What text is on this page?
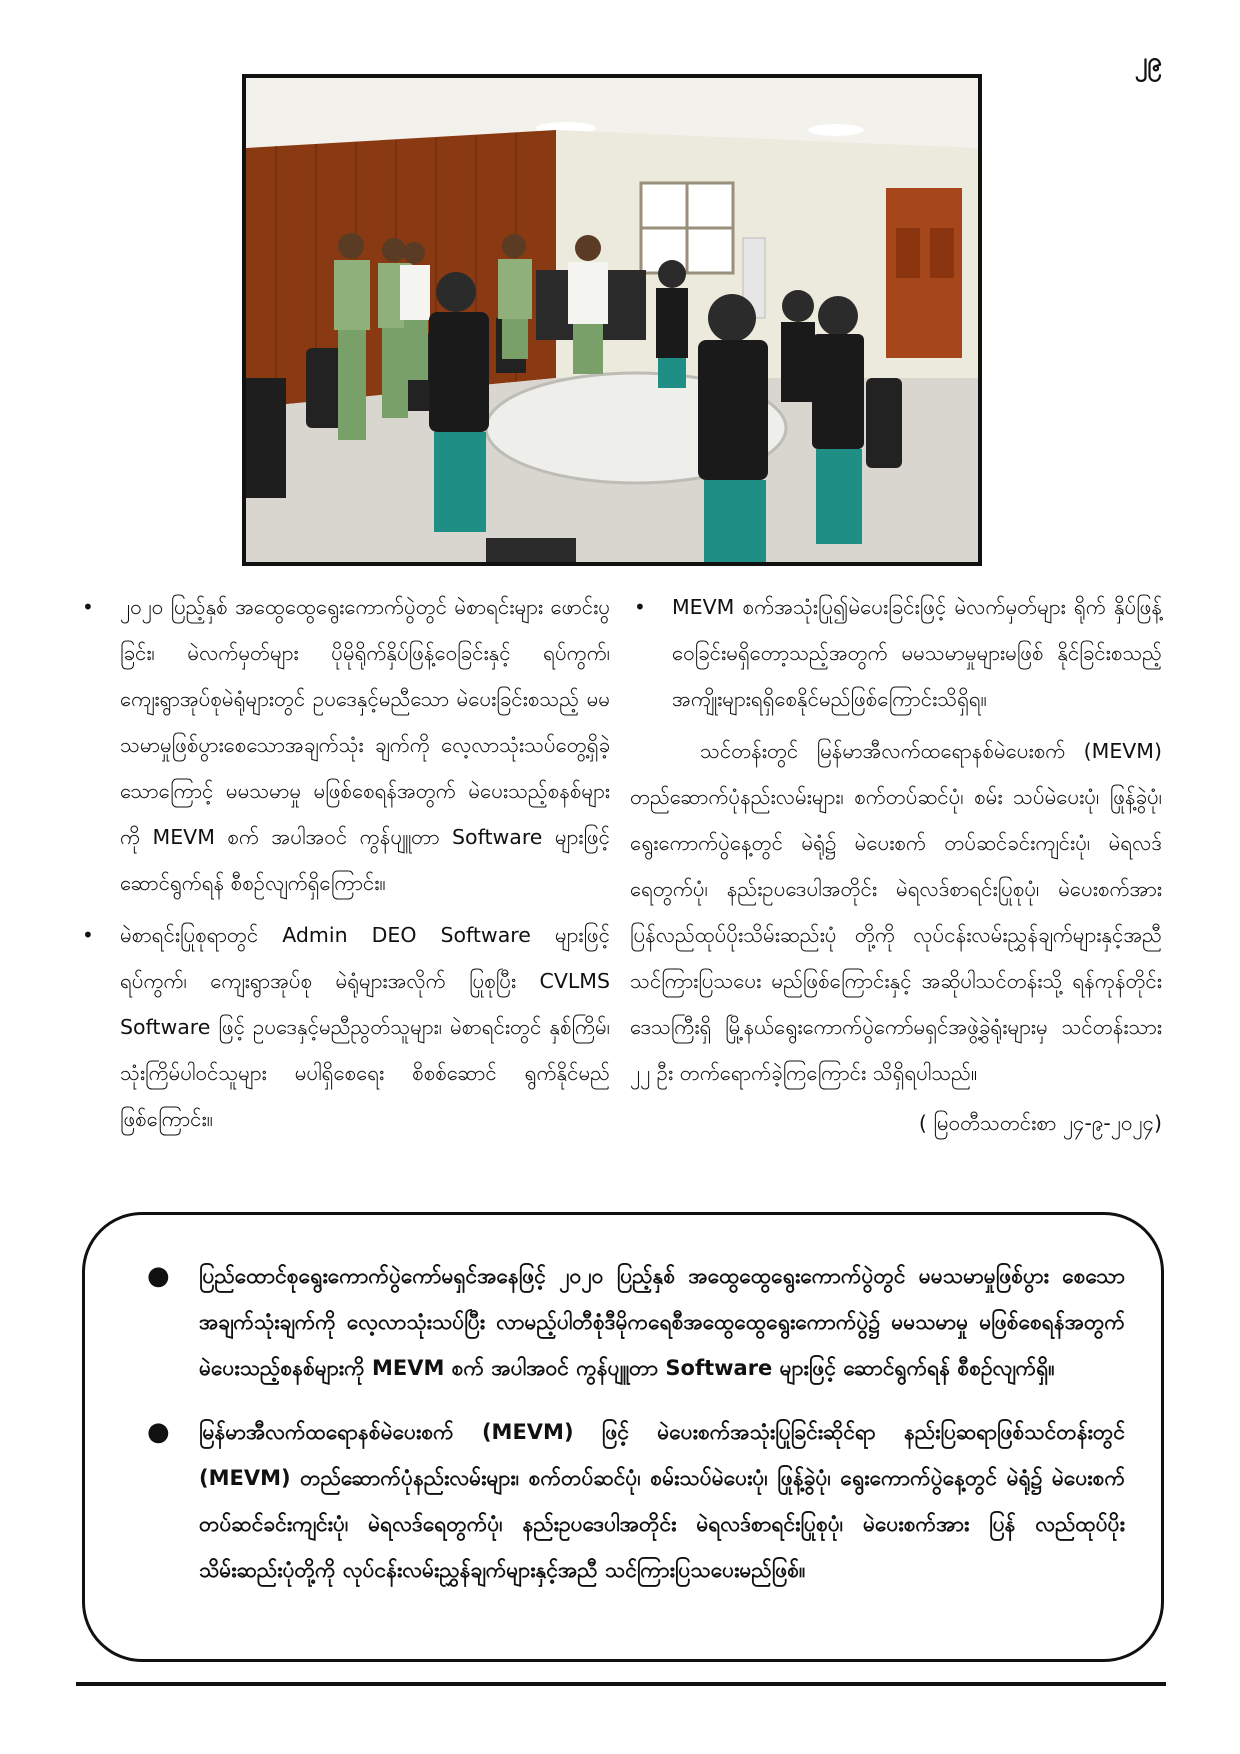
၂၉
• ၂၀၂၀ ပြည့်နှစ် အထွေထွေရွေးကောက်ပွဲတွင် မဲစာရင်းများ ဖောင်းပွခြင်း၊ မဲလက်မှတ်များ ပိုမိုရိုက်နှိပ်ဖြန့်ဝေခြင်းနှင့် ရပ်ကွက်၊ ကျေးရွာအုပ်စုမဲရုံများတွင် ဥပဒေနှင့်မညီသော မဲပေးခြင်းစသည့် မမသမာမှုဖြစ်ပွားစေသောအချက်သုံး ချက်ကို လေ့လာသုံးသပ်တွေ့ရှိခဲ့သောကြောင့် မမသမာမှု မဖြစ်စေရန်အတွက် မဲပေးသည့်စနစ်များကို MEVM စက် အပါအဝင် ကွန်ပျူတာ Software များဖြင့် ဆောင်ရွက်ရန် စီစဉ်လျက်ရှိကြောင်း။
• မဲစာရင်းပြုစုရာတွင် Admin DEO Software များဖြင့် ရပ်ကွက်၊ ကျေးရွာအုပ်စု မဲရုံများအလိုက် ပြုစုပြီး CVLMS Software ဖြင့် ဥပဒေနှင့်မညီညွတ်သူများ၊ မဲစာရင်းတွင် နှစ်ကြိမ်၊ သုံးကြိမ်ပါဝင်သူများ မပါရှိစေရေး စိစစ်ဆောင် ရွက်နိုင်မည်ဖြစ်ကြောင်း။
• MEVM စက်အသုံးပြု၍မဲပေးခြင်းဖြင့် မဲလက်မှတ်များ ရိုက် နှိပ်ဖြန့်ဝေခြင်းမရှိတော့သည့်အတွက် မမသမာမှုများမဖြစ် နိုင်ခြင်းစသည့်အကျိုးများရရှိစေနိုင်မည်ဖြစ်ကြောင်းသိရှိရ။

သင်တန်းတွင် မြန်မာအီလက်ထရောနစ်မဲပေးစက် (MEVM) တည်ဆောက်ပုံနည်းလမ်းများ၊ စက်တပ်ဆင်ပုံ၊ စမ်း သပ်မဲပေးပုံ၊ ဖြုန့်ခွဲပုံ၊ ရွေးကောက်ပွဲနေ့တွင် မဲရုံ၌ မဲပေးစက် တပ်ဆင်ခင်းကျင်းပုံ၊ မဲရလဒ်ရေတွက်ပုံ၊ နည်းဥပဒေပါအတိုင်း မဲရလဒ်စာရင်းပြုစုပုံ၊ မဲပေးစက်အား ပြန်လည်ထုပ်ပိုးသိမ်းဆည်းပုံ တို့ကို လုပ်ငန်းလမ်းညွှန်ချက်များနှင့်အညီ သင်ကြားပြသပေး မည်ဖြစ်ကြောင်းနှင့် အဆိုပါသင်တန်းသို့ ရန်ကုန်တိုင်းဒေသကြီးရှိ မြို့နယ်ရွေးကောက်ပွဲကော်မရှင်အဖွဲ့ခွဲရုံးများမှ သင်တန်းသား ၂၂ ဦး တက်ရောက်ခဲ့ကြကြောင်း သိရှိရပါသည်။

( မြဝတီသတင်းစာ ၂၄-၉-၂၀၂၄)
● ပြည်ထောင်စုရွေးကောက်ပွဲကော်မရှင်အနေဖြင့် ၂၀၂၀ ပြည့်နှစ် အထွေထွေရွေးကောက်ပွဲတွင် မမသမာမှုဖြစ်ပွား စေသော အချက်သုံးချက်ကို လေ့လာသုံးသပ်ပြီး လာမည့်ပါတီစုံဒီမိုကရေစီအထွေထွေရွေးကောက်ပွဲ၌ မမသမာမှု မဖြစ်စေရန်အတွက် မဲပေးသည့်စနစ်များကို MEVM စက် အပါအဝင် ကွန်ပျူတာ Software များဖြင့် ဆောင်ရွက်ရန် စီစဉ်လျက်ရှိ။
● မြန်မာအီလက်ထရောနစ်မဲပေးစက် (MEVM) ဖြင့် မဲပေးစက်အသုံးပြုခြင်းဆိုင်ရာ နည်းပြဆရာဖြစ်သင်တန်းတွင် (MEVM) တည်ဆောက်ပုံနည်းလမ်းများ၊ စက်တပ်ဆင်ပုံ၊ စမ်းသပ်မဲပေးပုံ၊ ဖြုန့်ခွဲပုံ၊ ရွေးကောက်ပွဲနေ့တွင် မဲရုံ၌ မဲပေးစက်တပ်ဆင်ခင်းကျင်းပုံ၊ မဲရလဒ်ရေတွက်ပုံ၊ နည်းဥပဒေပါအတိုင်း မဲရလဒ်စာရင်းပြုစုပုံ၊ မဲပေးစက်အား ပြန် လည်ထုပ်ပိုးသိမ်းဆည်းပုံတို့ကို လုပ်ငန်းလမ်းညွှန်ချက်များနှင့်အညီ သင်ကြားပြသပေးမည်ဖြစ်။
